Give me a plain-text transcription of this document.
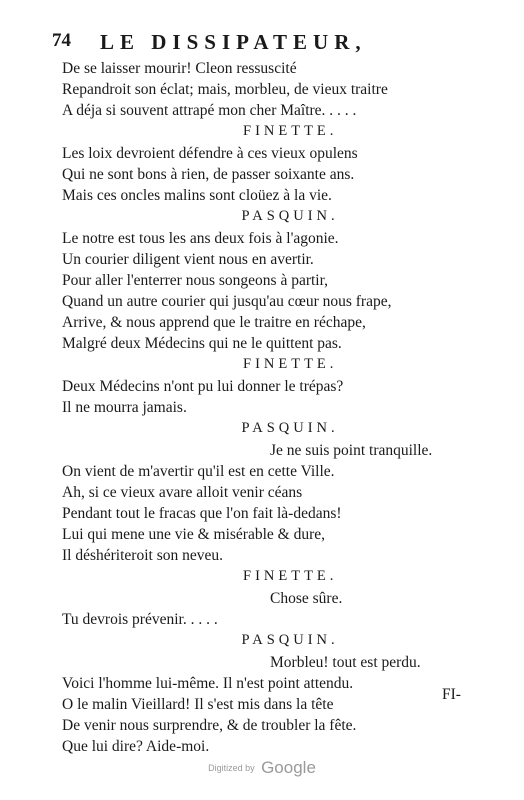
74 LE DISSIPATEUR,
De se laisser mourir! Cleon ressuscité
Repandroit son éclat; mais, morbleu, de vieux traitre
A déja si souvent attrapé mon cher Maître. . . . .
FINETTE.
Les loix devroient défendre à ces vieux opulens
Qui ne sont bons à rien, de passer soixante ans.
Mais ces oncles malins sont cloüez à la vie.
PASQUIN.
Le notre est tous les ans deux fois à l'agonie.
Un courier diligent vient nous en avertir.
Pour aller l'enterrer nous songeons à partir,
Quand un autre courier qui jusqu'au cœur nous frape,
Arrive, & nous apprend que le traitre en réchape,
Malgré deux Médecins qui ne le quittent pas.
FINETTE.
Deux Médecins n'ont pu lui donner le trépas?
Il ne mourra jamais.
PASQUIN.
Je ne suis point tranquille.
On vient de m'avertir qu'il est en cette Ville.
Ah, si ce vieux avare alloit venir céans
Pendant tout le fracas que l'on fait là-dedans!
Lui qui mene une vie & misérable & dure,
Il déshériteroit son neveu.
FINETTE.
Chose sûre.
Tu devrois prévenir. . . . .
PASQUIN.
Morbleu! tout est perdu.
Voici l'homme lui-même. Il n'est point attendu.
O le malin Vieillard! Il s'est mis dans la tête
De venir nous surprendre, & de troubler la fête.
Que lui dire? Aide-moi.
FI-
Digitized by Google
